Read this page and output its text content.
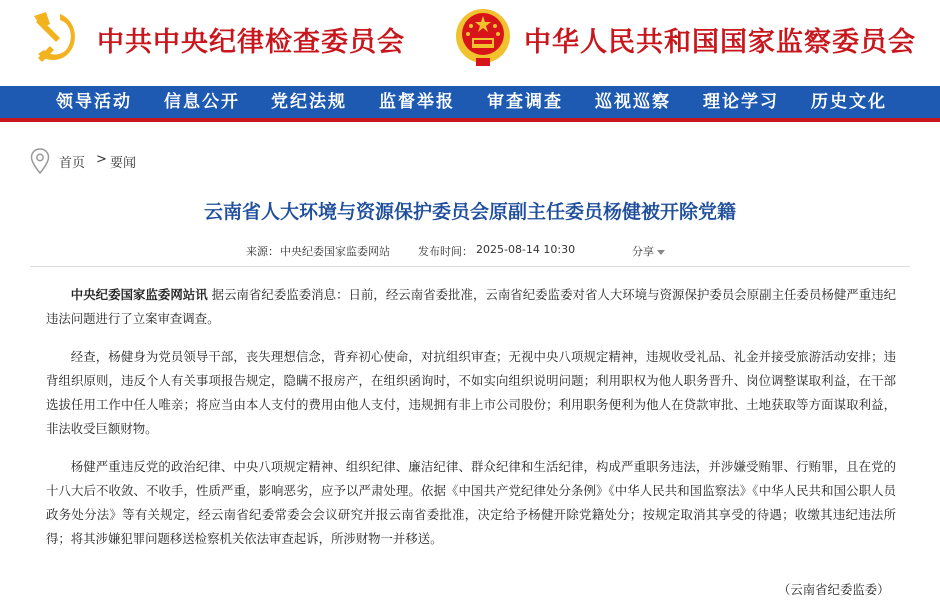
中共中央纪律检查委员会	中华人民共和国国家监察委员会
领导活动 信息公开 党纪法规 监督举报 审查调查 巡视巡察 理论学习 历史文化
首页 > 要闻
云南省人大环境与资源保护委员会原副主任委员杨健被开除党籍
来源： 中央纪委国家监委网站	发布时间： 2025-08-14 10:30	分享

中央纪委国家监委网站讯 据云南省纪委监委消息：日前，经云南省委批准，云南省纪委监委对省人大环境与资源保护委员会原副主任委员杨健严重违纪违法问题进行了立案审查调查。

经查，杨健身为党员领导干部，丧失理想信念，背弃初心使命，对抗组织审查；无视中央八项规定精神，违规收受礼品、礼金并接受旅游活动安排；违背组织原则，违反个人有关事项报告规定，隐瞒不报房产，在组织函询时，不如实向组织说明问题；利用职权为他人职务晋升、岗位调整谋取利益，在干部选拔任用工作中任人唯亲；将应当由本人支付的费用由他人支付，违规拥有非上市公司股份；利用职务便利为他人在贷款审批、土地获取等方面谋取利益，非法收受巨额财物。

杨健严重违反党的政治纪律、中央八项规定精神、组织纪律、廉洁纪律、群众纪律和生活纪律，构成严重职务违法，并涉嫌受贿罪、行贿罪，且在党的十八大后不收敛、不收手，性质严重，影响恶劣，应予以严肃处理。依据《中国共产党纪律处分条例》《中华人民共和国监察法》《中华人民共和国公职人员政务处分法》等有关规定，经云南省纪委常委会会议研究并报云南省委批准，决定给予杨健开除党籍处分；按规定取消其享受的待遇；收缴其违纪违法所得；将其涉嫌犯罪问题移送检察机关依法审查起诉，所涉财物一并移送。

（云南省纪委监委）
